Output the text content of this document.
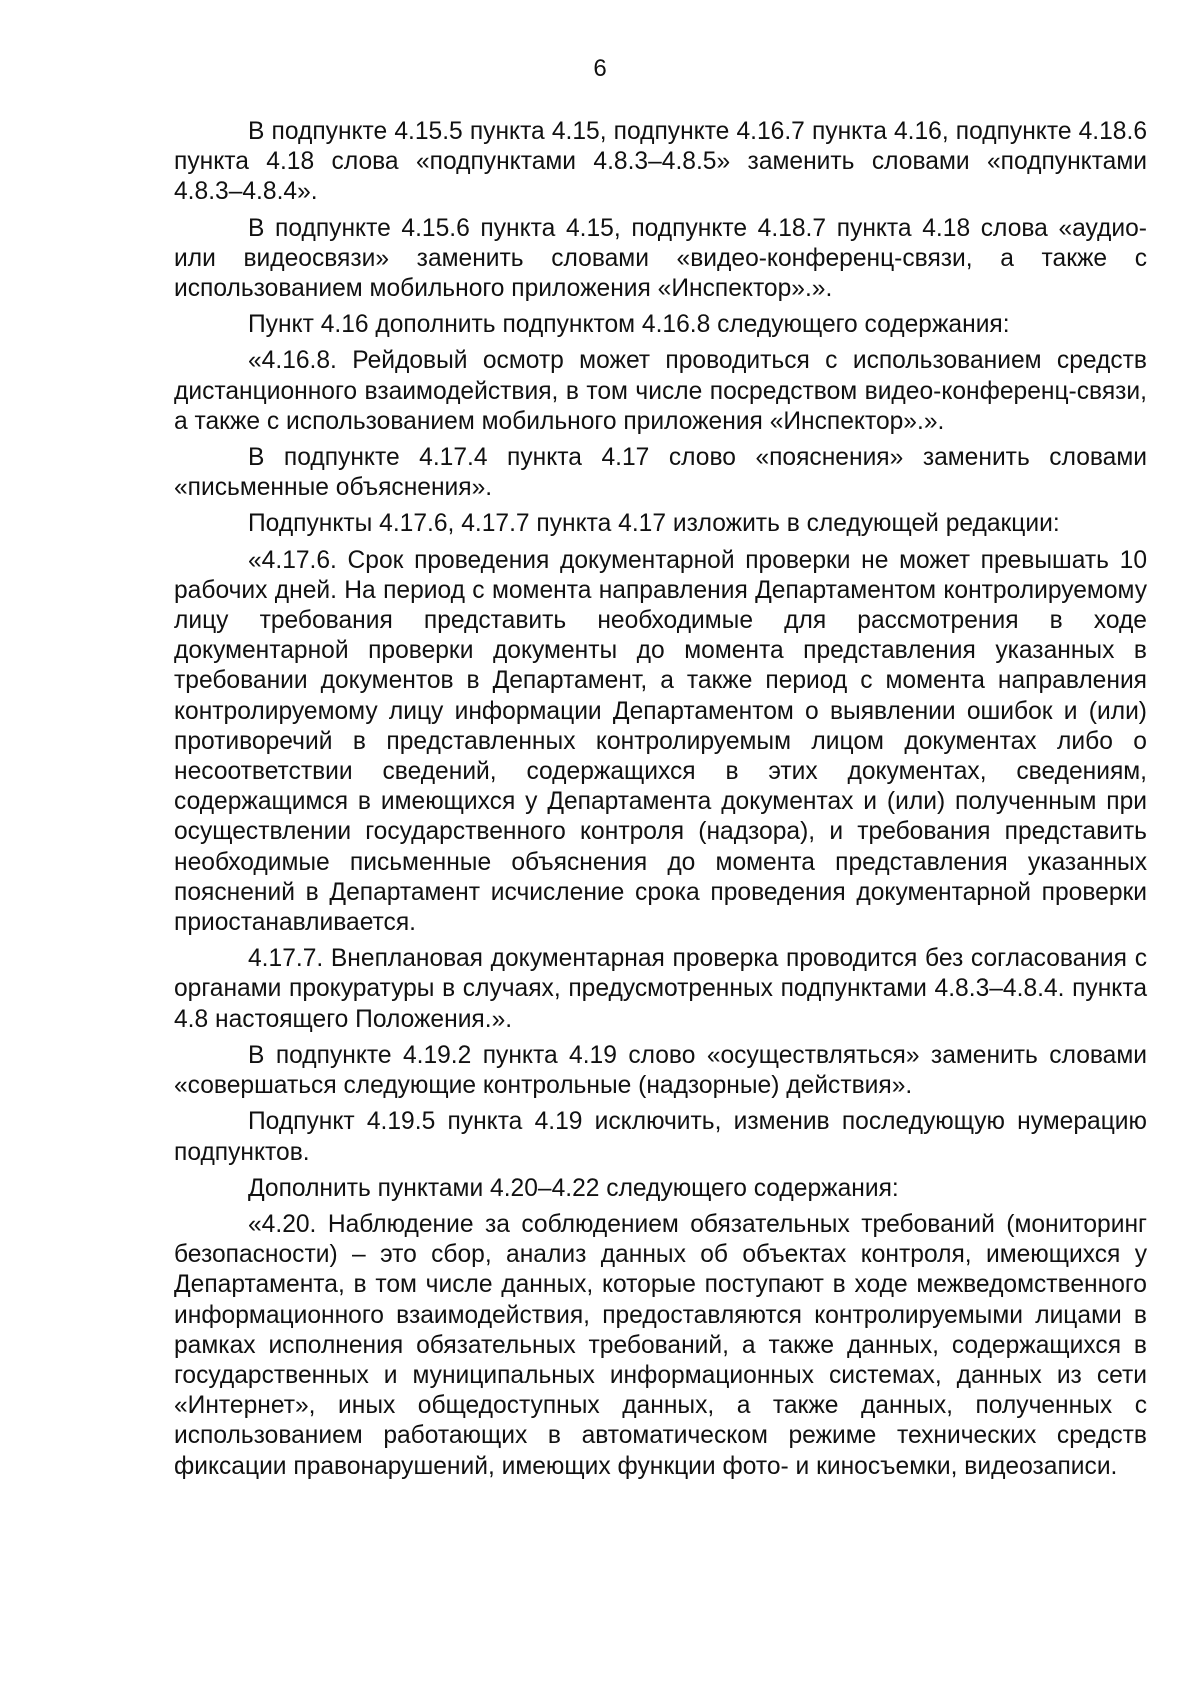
6

В подпункте 4.15.5 пункта 4.15, подпункте 4.16.7 пункта 4.16, подпункте 4.18.6 пункта 4.18 слова «подпунктами 4.8.3–4.8.5» заменить словами «подпунктами 4.8.3–4.8.4».

В подпункте 4.15.6 пункта 4.15, подпункте 4.18.7 пункта 4.18 слова «аудио- или видеосвязи» заменить словами «видео-конференц-связи, а также с использованием мобильного приложения «Инспектор».».

Пункт 4.16 дополнить подпунктом 4.16.8 следующего содержания:

«4.16.8. Рейдовый осмотр может проводиться с использованием средств дистанционного взаимодействия, в том числе посредством видео-конференц-связи, а также с использованием мобильного приложения «Инспектор».».

В подпункте 4.17.4 пункта 4.17 слово «пояснения» заменить словами «письменные объяснения».

Подпункты 4.17.6, 4.17.7 пункта 4.17 изложить в следующей редакции:

«4.17.6. Срок проведения документарной проверки не может превышать 10 рабочих дней. На период с момента направления Департаментом контролируемому лицу требования представить необходимые для рассмотрения в ходе документарной проверки документы до момента представления указанных в требовании документов в Департамент, а также период с момента направления контролируемому лицу информации Департаментом о выявлении ошибок и (или) противоречий в представленных контролируемым лицом документах либо о несоответствии сведений, содержащихся в этих документах, сведениям, содержащимся в имеющихся у Департамента документах и (или) полученным при осуществлении государственного контроля (надзора), и требования представить необходимые письменные объяснения до момента представления указанных пояснений в Департамент исчисление срока проведения документарной проверки приостанавливается.

4.17.7. Внеплановая документарная проверка проводится без согласования с органами прокуратуры в случаях, предусмотренных подпунктами 4.8.3–4.8.4. пункта 4.8 настоящего Положения.».

В подпункте 4.19.2 пункта 4.19 слово «осуществляться» заменить словами «совершаться следующие контрольные (надзорные) действия».

Подпункт 4.19.5 пункта 4.19 исключить, изменив последующую нумерацию подпунктов.

Дополнить пунктами 4.20–4.22 следующего содержания:

«4.20. Наблюдение за соблюдением обязательных требований (мониторинг безопасности) – это сбор, анализ данных об объектах контроля, имеющихся у Департамента, в том числе данных, которые поступают в ходе межведомственного информационного взаимодействия, предоставляются контролируемыми лицами в рамках исполнения обязательных требований, а также данных, содержащихся в государственных и муниципальных информационных системах, данных из сети «Интернет», иных общедоступных данных, а также данных, полученных с использованием работающих в автоматическом режиме технических средств фиксации правонарушений, имеющих функции фото- и киносъемки, видеозаписи.
